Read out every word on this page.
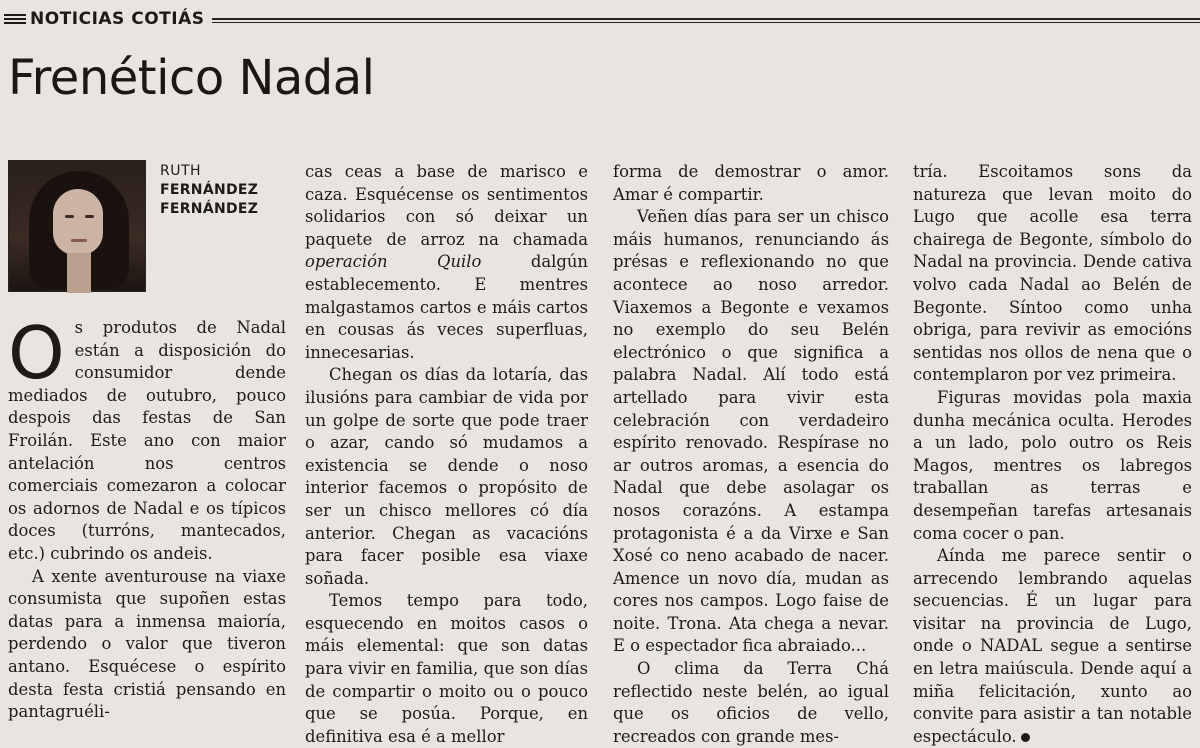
NOTICIAS COTIÁS
Frenético Nadal
RUTH
FERNÁNDEZ
FERNÁNDEZ

Os produtos de Nadal están a disposición do consumidor dende mediados de outubro, pouco despois das festas de San Froilán. Este ano con maior antelación nos centros comerciais comezaron a colocar os adornos de Nadal e os típicos doces (turróns, mantecados, etc.) cubrindo os andeis.

A xente aventurouse na viaxe consumista que supoñen estas datas para a inmensa maioría, perdendo o valor que tiveron antano. Esquécese o espírito desta festa cristiá pensando en pantagruéli-

cas ceas a base de marisco e caza. Esquécense os sentimentos solidarios con só deixar un paquete de arroz na chamada operación Quilo dalgún establecemento. E mentres malgastamos cartos e máis cartos en cousas ás veces superfluas, innecesarias.

Chegan os días da lotaría, das ilusións para cambiar de vida por un golpe de sorte que pode traer o azar, cando só mudamos a existencia se dende o noso interior facemos o propósito de ser un chisco mellores có día anterior. Chegan as vacacións para facer posible esa viaxe soñada.

Temos tempo para todo, esquecendo en moitos casos o máis elemental: que son datas para vivir en familia, que son días de compartir o moito ou o pouco que se posúa. Porque, en definitiva esa é a mellor

forma de demostrar o amor. Amar é compartir.

Veñen días para ser un chisco máis humanos, renunciando ás présas e reflexionando no que acontece ao noso arredor. Viaxemos a Begonte e vexamos no exemplo do seu Belén electrónico o que significa a palabra Nadal. Alí todo está artellado para vivir esta celebración con verdadeiro espírito renovado. Respírase no ar outros aromas, a esencia do Nadal que debe asolagar os nosos corazóns. A estampa protagonista é a da Virxe e San Xosé co neno acabado de nacer. Amence un novo día, mudan as cores nos campos. Logo faise de noite. Trona. Ata chega a nevar. E o espectador fica abraiado...

O clima da Terra Chá reflectido neste belén, ao igual que os oficios de vello, recreados con grande mes-

tría. Escoitamos sons da natureza que levan moito do Lugo que acolle esa terra chairega de Begonte, símbolo do Nadal na provincia. Dende cativa volvo cada Nadal ao Belén de Begonte. Síntoo como unha obriga, para revivir as emocións sentidas nos ollos de nena que o contemplaron por vez primeira.

Figuras movidas pola maxia dunha mecánica oculta. Herodes a un lado, polo outro os Reis Magos, mentres os labregos traballan as terras e desempeñan tarefas artesanais coma cocer o pan.

Aínda me parece sentir o arrecendo lembrando aquelas secuencias. É un lugar para visitar na provincia de Lugo, onde o NADAL segue a sentirse en letra maiúscula. Dende aquí a miña felicitación, xunto ao convite para asistir a tan notable espectáculo.
